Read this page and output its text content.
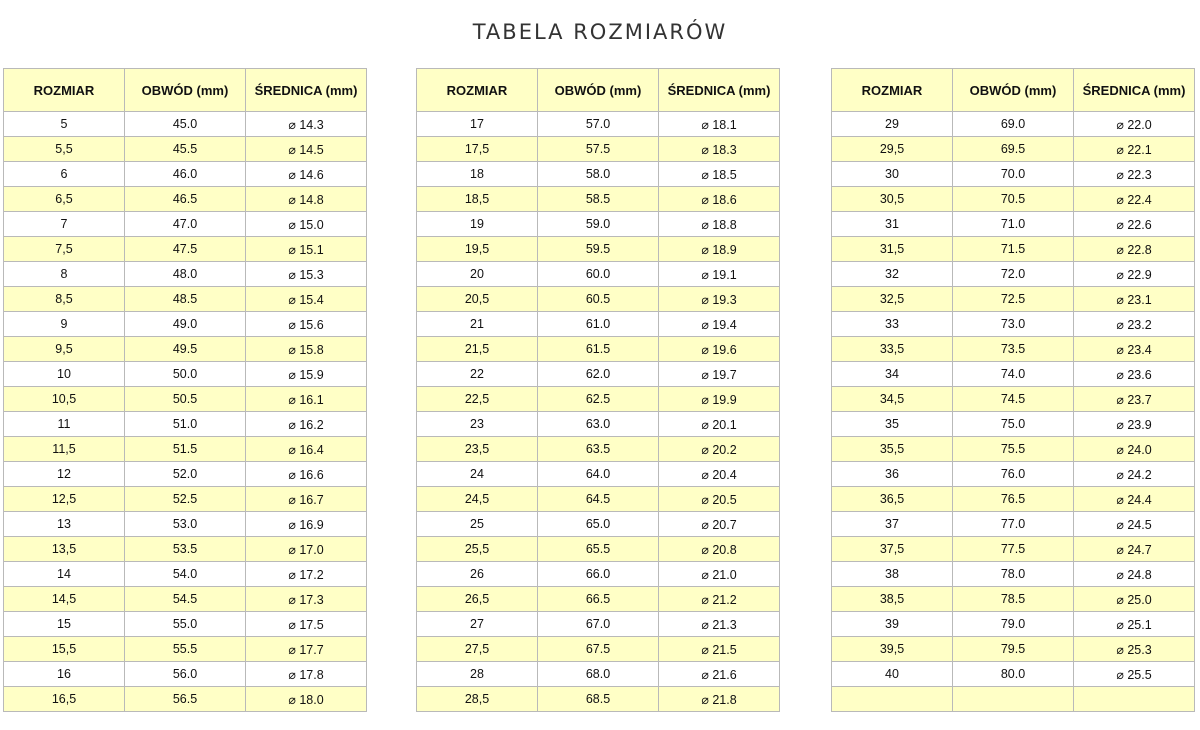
TABELA ROZMIARÓW
ROZMIAR	OBWÓD (mm)	ŚREDNICA (mm)
5	45.0	⌀ 14.3
5,5	45.5	⌀ 14.5
6	46.0	⌀ 14.6
6,5	46.5	⌀ 14.8
7	47.0	⌀ 15.0
7,5	47.5	⌀ 15.1
8	48.0	⌀ 15.3
8,5	48.5	⌀ 15.4
9	49.0	⌀ 15.6
9,5	49.5	⌀ 15.8
10	50.0	⌀ 15.9
10,5	50.5	⌀ 16.1
11	51.0	⌀ 16.2
11,5	51.5	⌀ 16.4
12	52.0	⌀ 16.6
12,5	52.5	⌀ 16.7
13	53.0	⌀ 16.9
13,5	53.5	⌀ 17.0
14	54.0	⌀ 17.2
14,5	54.5	⌀ 17.3
15	55.0	⌀ 17.5
15,5	55.5	⌀ 17.7
16	56.0	⌀ 17.8
16,5	56.5	⌀ 18.0
ROZMIAR	OBWÓD (mm)	ŚREDNICA (mm)
17	57.0	⌀ 18.1
17,5	57.5	⌀ 18.3
18	58.0	⌀ 18.5
18,5	58.5	⌀ 18.6
19	59.0	⌀ 18.8
19,5	59.5	⌀ 18.9
20	60.0	⌀ 19.1
20,5	60.5	⌀ 19.3
21	61.0	⌀ 19.4
21,5	61.5	⌀ 19.6
22	62.0	⌀ 19.7
22,5	62.5	⌀ 19.9
23	63.0	⌀ 20.1
23,5	63.5	⌀ 20.2
24	64.0	⌀ 20.4
24,5	64.5	⌀ 20.5
25	65.0	⌀ 20.7
25,5	65.5	⌀ 20.8
26	66.0	⌀ 21.0
26,5	66.5	⌀ 21.2
27	67.0	⌀ 21.3
27,5	67.5	⌀ 21.5
28	68.0	⌀ 21.6
28,5	68.5	⌀ 21.8
ROZMIAR	OBWÓD (mm)	ŚREDNICA (mm)
29	69.0	⌀ 22.0
29,5	69.5	⌀ 22.1
30	70.0	⌀ 22.3
30,5	70.5	⌀ 22.4
31	71.0	⌀ 22.6
31,5	71.5	⌀ 22.8
32	72.0	⌀ 22.9
32,5	72.5	⌀ 23.1
33	73.0	⌀ 23.2
33,5	73.5	⌀ 23.4
34	74.0	⌀ 23.6
34,5	74.5	⌀ 23.7
35	75.0	⌀ 23.9
35,5	75.5	⌀ 24.0
36	76.0	⌀ 24.2
36,5	76.5	⌀ 24.4
37	77.0	⌀ 24.5
37,5	77.5	⌀ 24.7
38	78.0	⌀ 24.8
38,5	78.5	⌀ 25.0
39	79.0	⌀ 25.1
39,5	79.5	⌀ 25.3
40	80.0	⌀ 25.5
